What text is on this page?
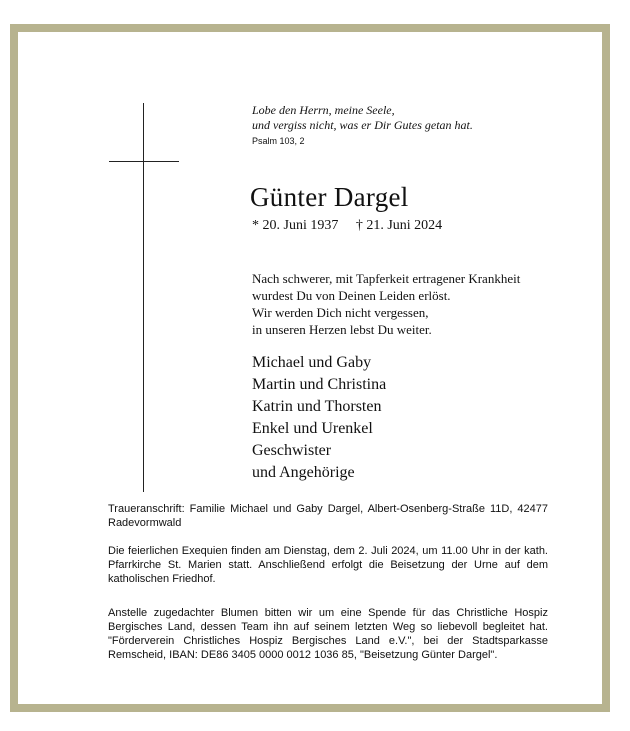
Lobe den Herrn, meine Seele,
und vergiss nicht, was er Dir Gutes getan hat.
Psalm 103, 2
Günter Dargel
* 20. Juni 1937 † 21. Juni 2024
Nach schwerer, mit Tapferkeit ertragener Krankheit
wurdest Du von Deinen Leiden erlöst.
Wir werden Dich nicht vergessen,
in unseren Herzen lebst Du weiter.
Michael und Gaby
Martin und Christina
Katrin und Thorsten
Enkel und Urenkel
Geschwister
und Angehörige
Traueranschrift: Familie Michael und Gaby Dargel, Albert-Osenberg-Straße 11D, 42477 Radevormwald
Die feierlichen Exequien finden am Dienstag, dem 2. Juli 2024, um 11.00 Uhr in der kath. Pfarrkirche St. Marien statt. Anschließend erfolgt die Beisetzung der Urne auf dem katholischen Friedhof.
Anstelle zugedachter Blumen bitten wir um eine Spende für das Christliche Hospiz Bergisches Land, dessen Team ihn auf seinem letzten Weg so liebevoll begleitet hat. "Förderverein Christliches Hospiz Bergisches Land e.V.", bei der Stadtsparkasse Remscheid, IBAN: DE86 3405 0000 0012 1036 85, "Beisetzung Günter Dargel".
